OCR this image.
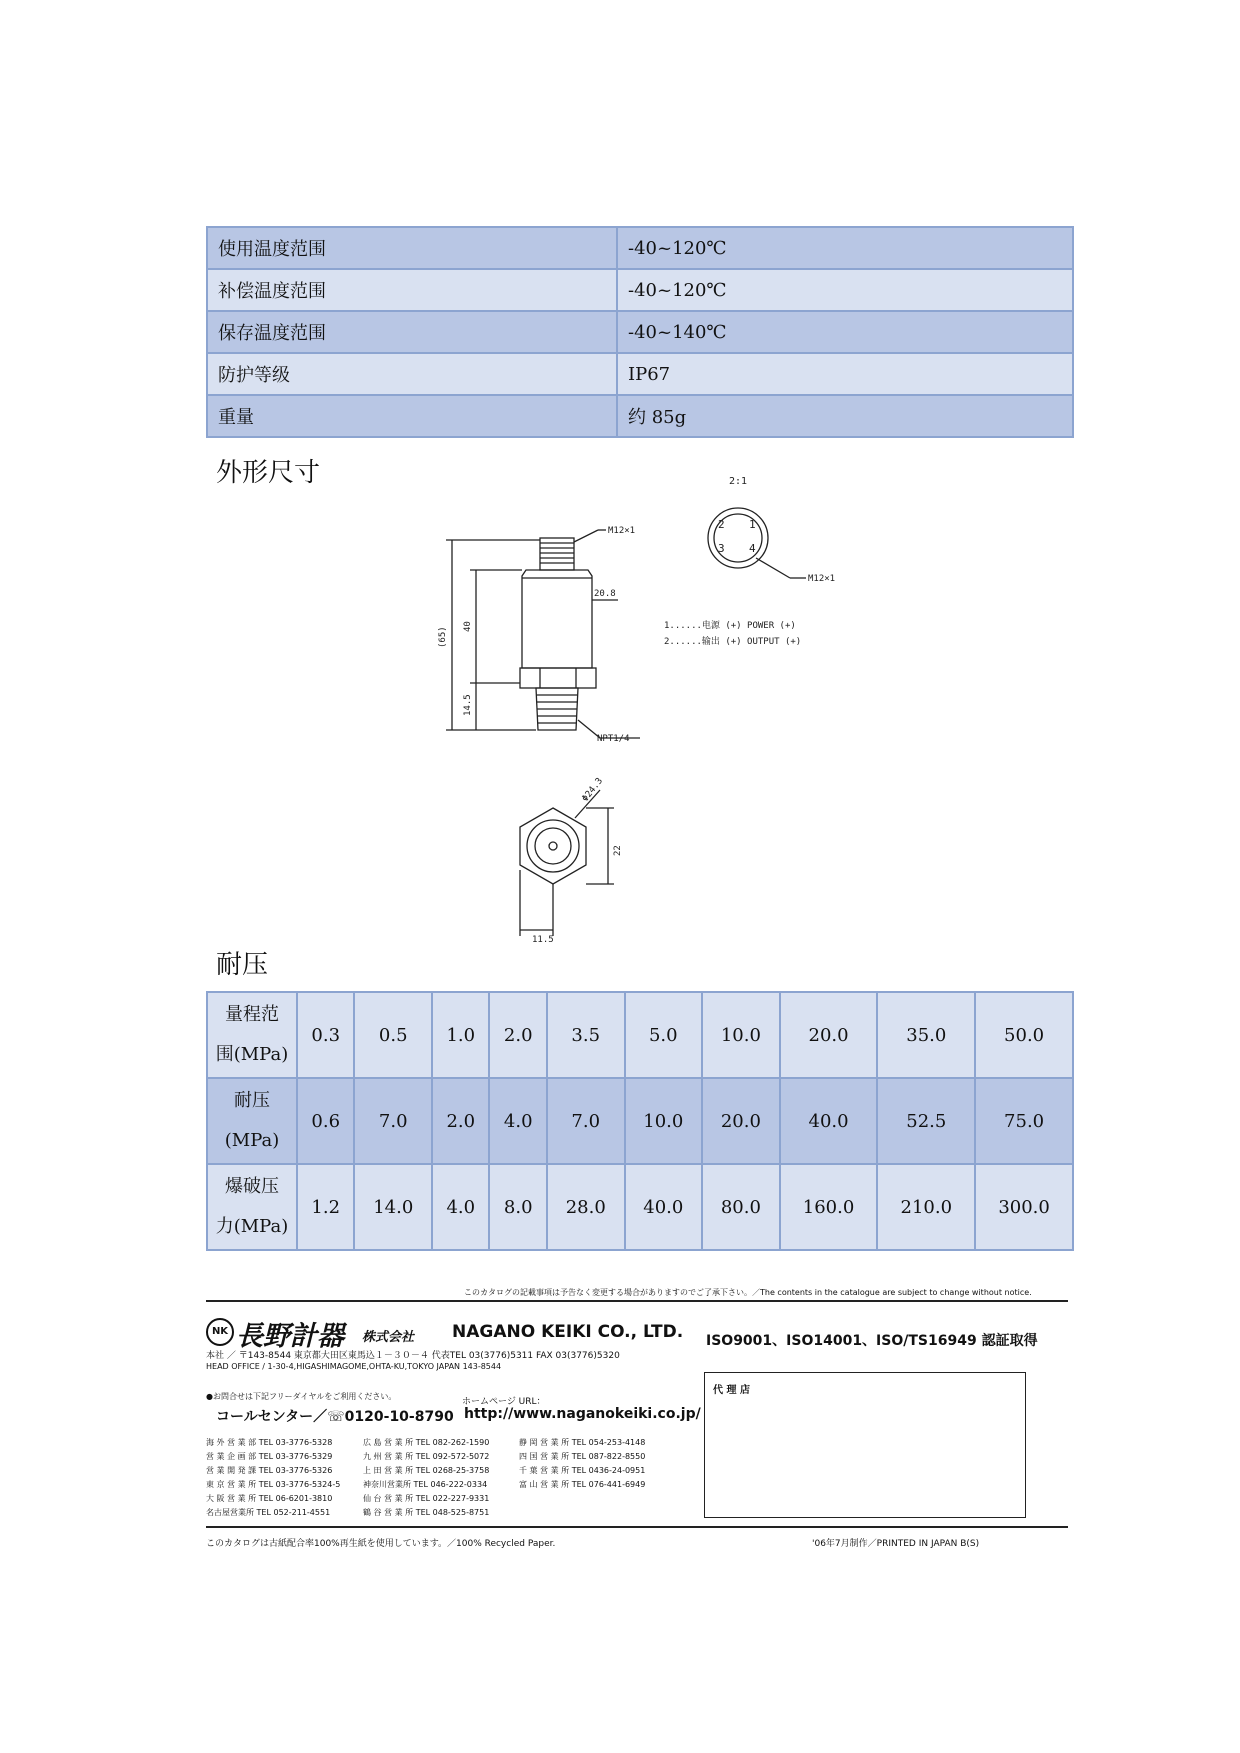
使用温度范围	-40~120℃
补偿温度范围	-40~120℃
保存温度范围	-40~140℃
防护等级	IP67
重量	约 85g
外形尺寸	2:1
M12×1
20.8
NPT1/4
M12×1
1......电源 (+) POWER (+)
2......输出 (+) OUTPUT (+)
2 1
3 4
11.5
(65) 40
14.5
22
Φ24.3
耐压
量程范
围(MPa)	0.3	0.5	1.0	2.0	3.5	5.0	10.0	20.0	35.0	50.0
耐压
(MPa)	0.6	7.0	2.0	4.0	7.0	10.0	20.0	40.0	52.5	75.0
爆破压
力(MPa)	1.2	14.0	4.0	8.0	28.0	40.0	80.0	160.0	210.0	300.0
このカタログの記載事項は予告なく変更する場合がありますのでご了承下さい。／The contents in the catalogue are subject to change without notice.
NK 長野計器 株式会社 NAGANO KEIKI CO., LTD. ISO9001、ISO14001、ISO/TS16949 認証取得
本社 ／ 〒143-8544 東京都大田区東馬込１－３０－４ 代表TEL 03(3776)5311 FAX 03(3776)5320
HEAD OFFICE / 1-30-4,HIGASHIMAGOME,OHTA-KU,TOKYO JAPAN 143-8544
●お問合せは下記フリーダイヤルをご利用ください。
ホームページ URL：
コールセンター／☏0120-10-8790 http://www.naganokeiki.co.jp/
代 理 店
海 外 営 業 部 TEL 03-3776-5328
営 業 企 画 部 TEL 03-3776-5329
営 業 開 発 課 TEL 03-3776-5326
東 京 営 業 所 TEL 03-3776-5324-5
大 阪 営 業 所 TEL 06-6201-3810
名古屋営業所 TEL 052-211-4551
広 島 営 業 所 TEL 082-262-1590
九 州 営 業 所 TEL 092-572-5072
上 田 営 業 所 TEL 0268-25-3758
神奈川営業所 TEL 046-222-0334
仙 台 営 業 所 TEL 022-227-9331
鶴 谷 営 業 所 TEL 048-525-8751
静 岡 営 業 所 TEL 054-253-4148
四 国 営 業 所 TEL 087-822-8550
千 葉 営 業 所 TEL 0436-24-0951
富 山 営 業 所 TEL 076-441-6949
このカタログは古紙配合率100%再生紙を使用しています。／100% Recycled Paper.	'06年7月制作／PRINTED IN JAPAN B(S)
